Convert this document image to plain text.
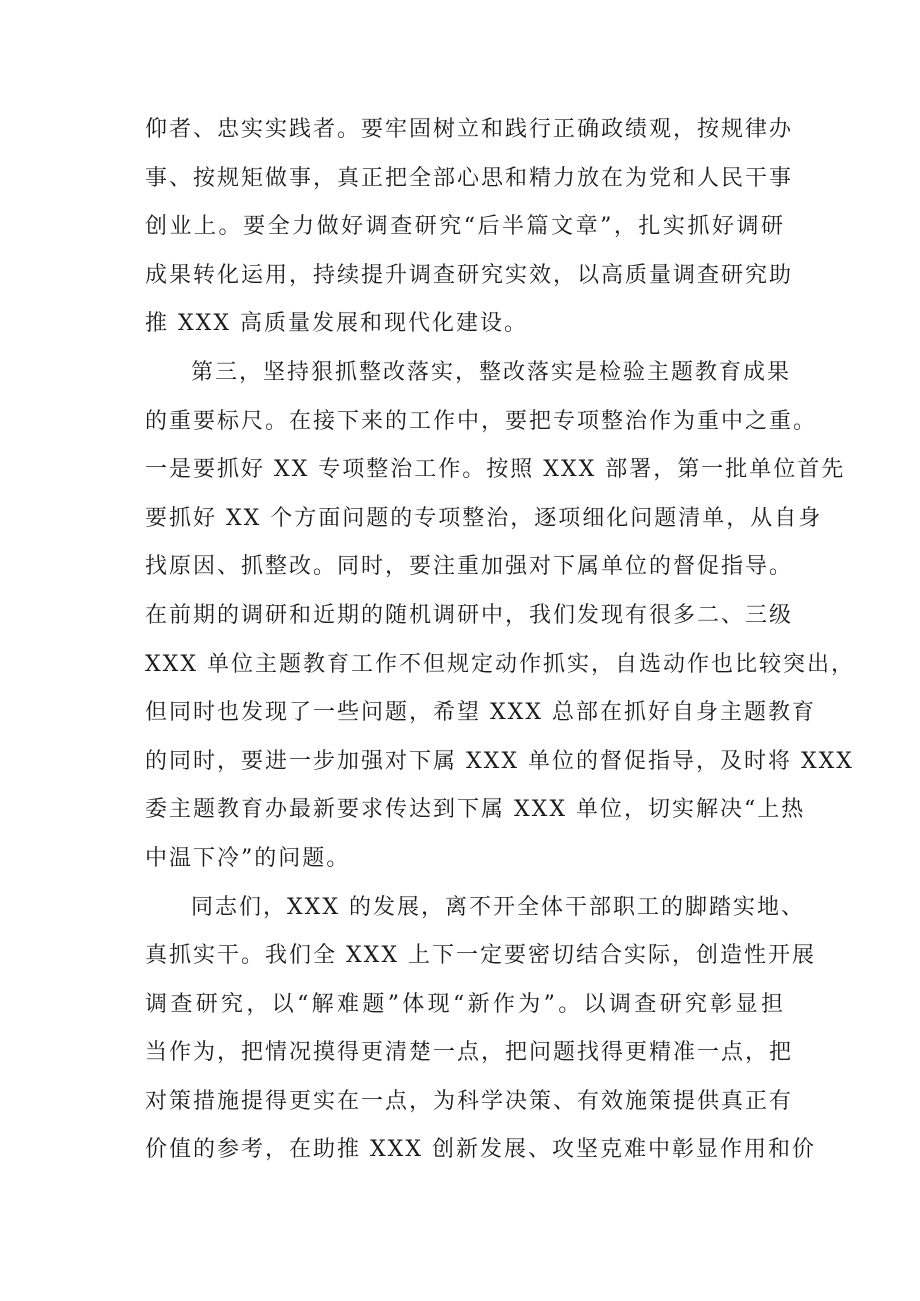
仰者、忠实实践者。要牢固树立和践行正确政绩观，按规律办
事、按规矩做事，真正把全部心思和精力放在为党和人民干事
创业上。要全力做好调查研究“后半篇文章”，扎实抓好调研
成果转化运用，持续提升调查研究实效，以高质量调查研究助
推 XXX 高质量发展和现代化建设。
第三，坚持狠抓整改落实，整改落实是检验主题教育成果
的重要标尺。在接下来的工作中，要把专项整治作为重中之重。
一是要抓好 XX 专项整治工作。按照 XXX 部署，第一批单位首先
要抓好 XX 个方面问题的专项整治，逐项细化问题清单，从自身
找原因、抓整改。同时，要注重加强对下属单位的督促指导。
在前期的调研和近期的随机调研中，我们发现有很多二、三级
XXX 单位主题教育工作不但规定动作抓实，自选动作也比较突出，
但同时也发现了一些问题，希望 XXX 总部在抓好自身主题教育
的同时，要进一步加强对下属 XXX 单位的督促指导，及时将 XXX
委主题教育办最新要求传达到下属 XXX 单位，切实解决“上热
中温下冷”的问题。
同志们，XXX 的发展，离不开全体干部职工的脚踏实地、
真抓实干。我们全 XXX 上下一定要密切结合实际，创造性开展
调查研究，以“解难题”体现“新作为”。以调查研究彰显担
当作为，把情况摸得更清楚一点，把问题找得更精准一点，把
对策措施提得更实在一点，为科学决策、有效施策提供真正有
价值的参考，在助推 XXX 创新发展、攻坚克难中彰显作用和价
